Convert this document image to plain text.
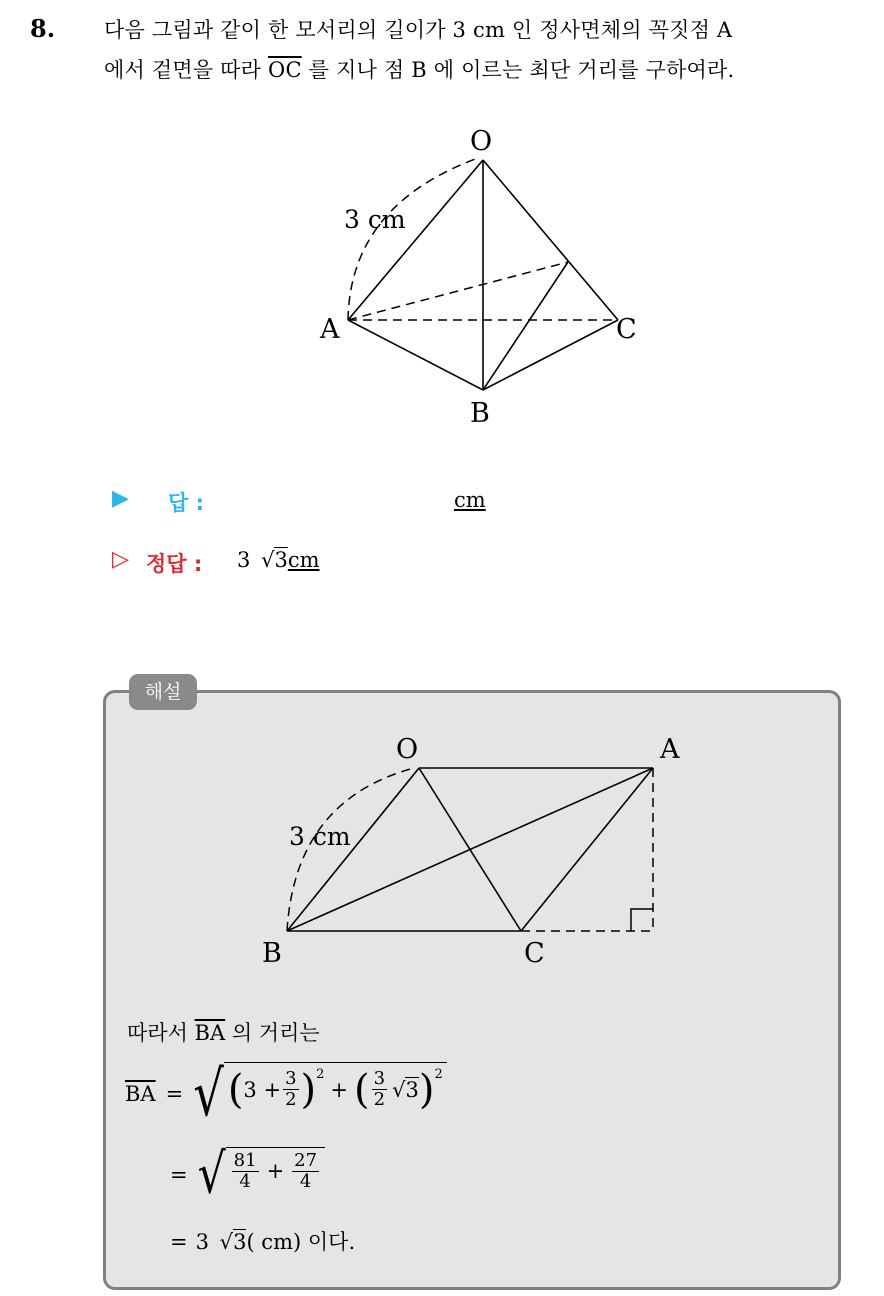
8. 다음 그림과 같이 한 모서리의 길이가 3 cm 인 정사면체의 꼭짓점 A
에서 겉면을 따라 $\overline{OC}$ 를 지나 점 B 에 이르는 최단 거리를 구하여라.
O
A
B
C
3 cm
▶ 답 :	cm
▷ 정답 : 3 √3cm
해설
O	A
B	C
3 cm
따라서 $\overline{BA}$ 의 거리는
$\overline{BA}$ = √ ( $3 + \frac{3}{2} )^2$
+ ( $\frac{3}{2}$ √ 3 )$^2$
= √ $\frac{81}{4} + \frac{27}{4}$
= 3 √3( cm) 이다.
